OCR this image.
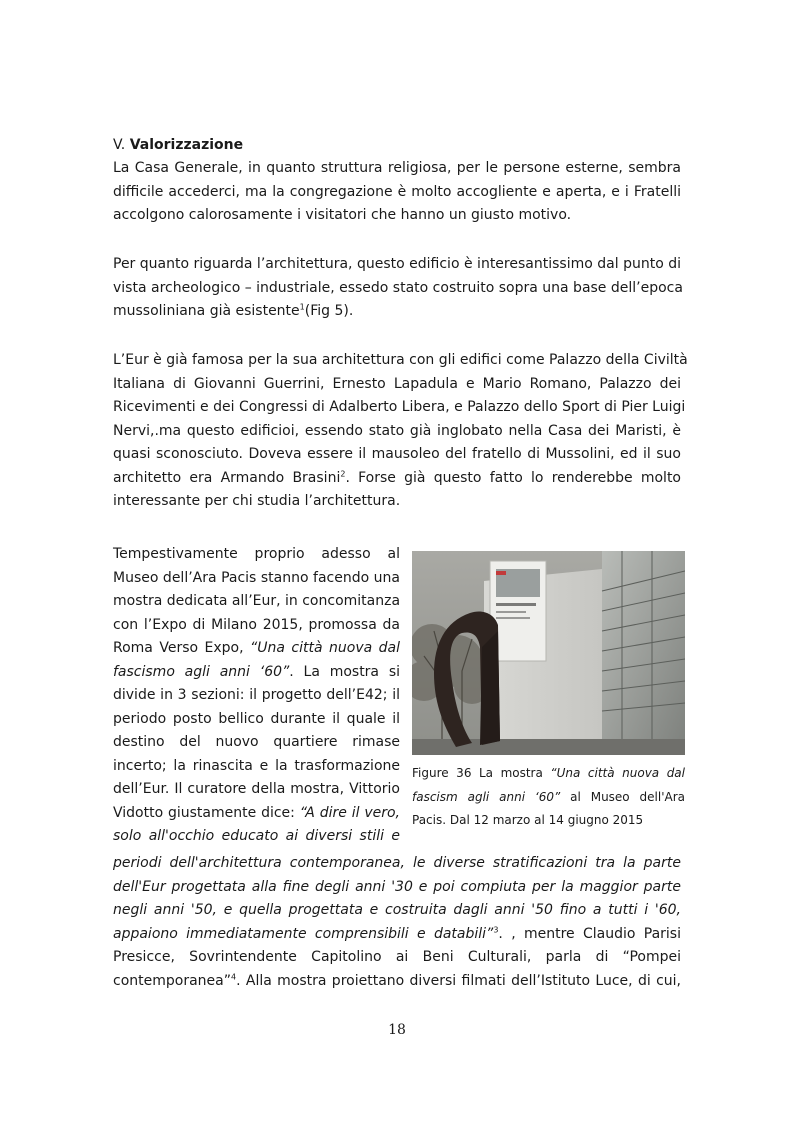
V. Valorizzazione
La Casa Generale, in quanto struttura religiosa, per le persone esterne, sembra
difficile accederci, ma la congregazione è molto accogliente e aperta, e i Fratelli
accolgono calorosamente i visitatori che hanno un giusto motivo.
Per quanto riguarda l’architettura, questo edificio è interesantissimo dal punto di
vista archeologico – industriale, essedo stato costruito sopra una base dell’epoca
mussoliniana già esistente$^1$(Fig 5).
L’Eur è già famosa per la sua architettura con gli edifici come Palazzo della Civiltà
Italiana di Giovanni Guerrini, Ernesto Lapadula e Mario Romano, Palazzo dei
Ricevimenti e dei Congressi di Adalberto Libera, e Palazzo dello Sport di Pier Luigi
Nervi,.ma questo edificioi, essendo stato già inglobato nella Casa dei Maristi, è
quasi sconosciuto. Doveva essere il mausoleo del fratello di Mussolini, ed il suo
architetto era Armando Brasini$^2$. Forse già questo fatto lo renderebbe molto
interessante per chi studia l’architettura.
Tempestivamente proprio adesso al
Museo dell’Ara Pacis stanno facendo una
mostra dedicata all’Eur, in concomitanza
con l’Expo di Milano 2015, promossa da
Roma Verso Expo, “Una città nuova dal
fascismo agli anni ‘60”. La mostra si
divide in 3 sezioni: il progetto dell’E42; il
periodo posto bellico durante il quale il
destino del nuovo quartiere rimase
incerto; la rinascita e la trasformazione
dell’Eur. Il curatore della mostra, Vittorio
Vidotto giustamente dice: “A dire il vero,
solo all'occhio educato ai diversi stili e
Figure 36 La mostra “Una città nuova dal
fascism agli anni ‘60” al Museo dell'Ara
Pacis. Dal 12 marzo al 14 giugno 2015
periodi dell'architettura contemporanea, le diverse stratificazioni tra la parte
dell'Eur progettata alla fine degli anni '30 e poi compiuta per la maggior parte
negli anni '50, e quella progettata e costruita dagli anni '50 fino a tutti i '60,
appaiono immediatamente comprensibili e databili”$^3$. , mentre Claudio Parisi
Presicce, Sovrintendente Capitolino ai Beni Culturali, parla di “Pompei
contemporanea”$^4$. Alla mostra proiettano diversi filmati dell’Istituto Luce, di cui,
18
